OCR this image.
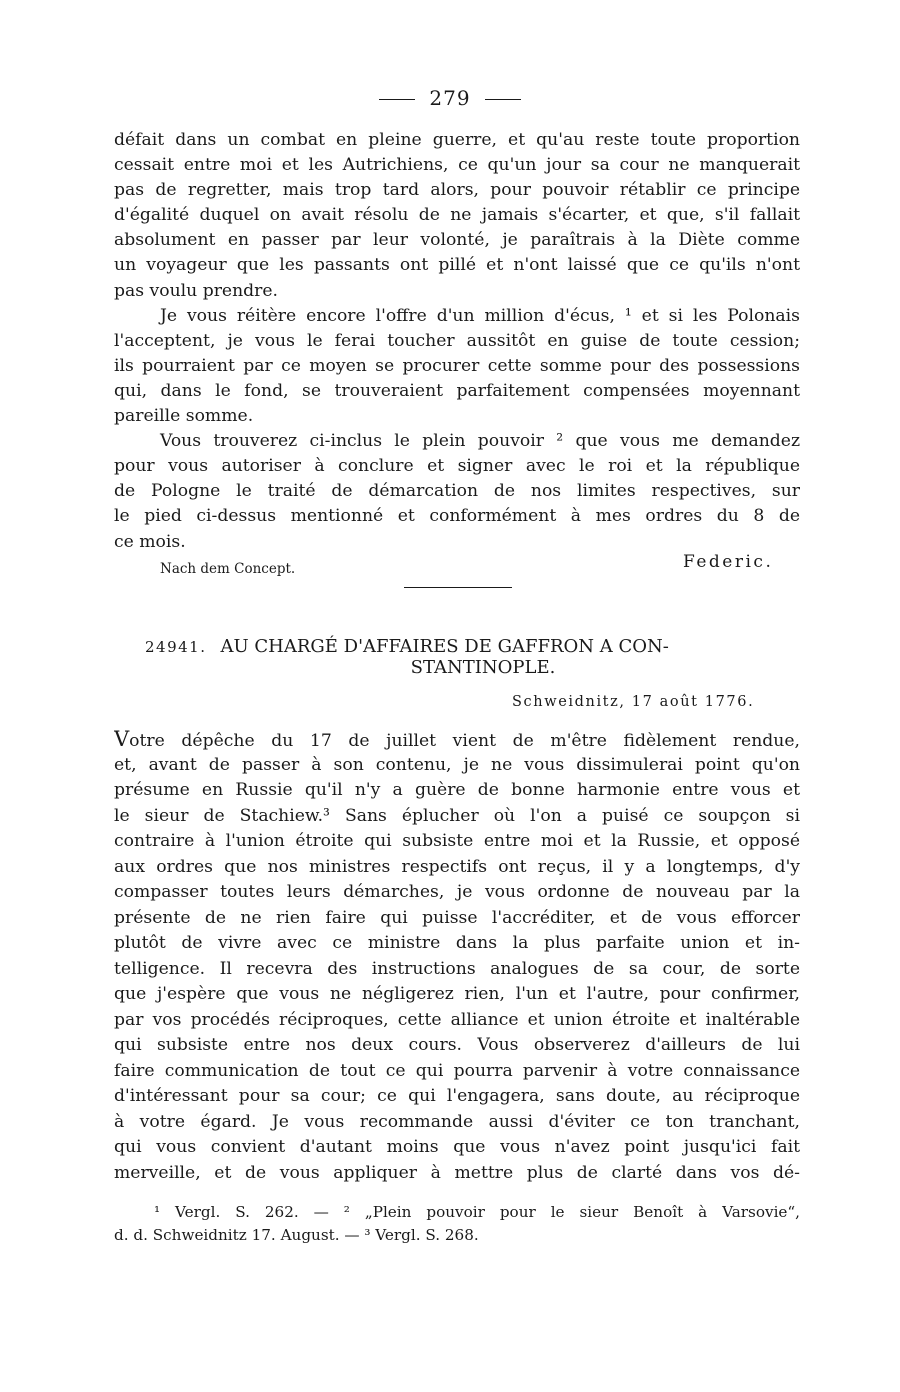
279
défait dans un combat en pleine guerre, et qu'au reste toute proportion
cessait entre moi et les Autrichiens, ce qu'un jour sa cour ne manquerait
pas de regretter, mais trop tard alors, pour pouvoir rétablir ce principe
d'égalité duquel on avait résolu de ne jamais s'écarter, et que, s'il fallait
absolument en passer par leur volonté, je paraîtrais à la Diète comme
un voyageur que les passants ont pillé et n'ont laissé que ce qu'ils n'ont
pas voulu prendre.
Je vous réitère encore l'offre d'un million d'écus, ¹ et si les Polonais
l'acceptent, je vous le ferai toucher aussitôt en guise de toute cession;
ils pourraient par ce moyen se procurer cette somme pour des possessions
qui, dans le fond, se trouveraient parfaitement compensées moyennant
pareille somme.
Vous trouverez ci-inclus le plein pouvoir ² que vous me demandez
pour vous autoriser à conclure et signer avec le roi et la république
de Pologne le traité de démarcation de nos limites respectives, sur
le pied ci-dessus mentionné et conformément à mes ordres du 8 de
ce mois.
Nach dem Concept.	Federic.
24941. AU CHARGÉ D'AFFAIRES DE GAFFRON A CON-
STANTINOPLE.
Schweidnitz, 17 août 1776.
Votre dépêche du 17 de juillet vient de m'être fidèlement rendue,
et, avant de passer à son contenu, je ne vous dissimulerai point qu'on
présume en Russie qu'il n'y a guère de bonne harmonie entre vous et
le sieur de Stachiew.³ Sans éplucher où l'on a puisé ce soupçon si
contraire à l'union étroite qui subsiste entre moi et la Russie, et opposé
aux ordres que nos ministres respectifs ont reçus, il y a longtemps, d'y
compasser toutes leurs démarches, je vous ordonne de nouveau par la
présente de ne rien faire qui puisse l'accréditer, et de vous efforcer
plutôt de vivre avec ce ministre dans la plus parfaite union et in-
telligence. Il recevra des instructions analogues de sa cour, de sorte
que j'espère que vous ne négligerez rien, l'un et l'autre, pour confirmer,
par vos procédés réciproques, cette alliance et union étroite et inaltérable
qui subsiste entre nos deux cours. Vous observerez d'ailleurs de lui
faire communication de tout ce qui pourra parvenir à votre connaissance
d'intéressant pour sa cour; ce qui l'engagera, sans doute, au réciproque
à votre égard. Je vous recommande aussi d'éviter ce ton tranchant,
qui vous convient d'autant moins que vous n'avez point jusqu'ici fait
merveille, et de vous appliquer à mettre plus de clarté dans vos dé-
¹ Vergl. S. 262. — ² „Plein pouvoir pour le sieur Benoît à Varsovie“,
d. d. Schweidnitz 17. August. — ³ Vergl. S. 268.
